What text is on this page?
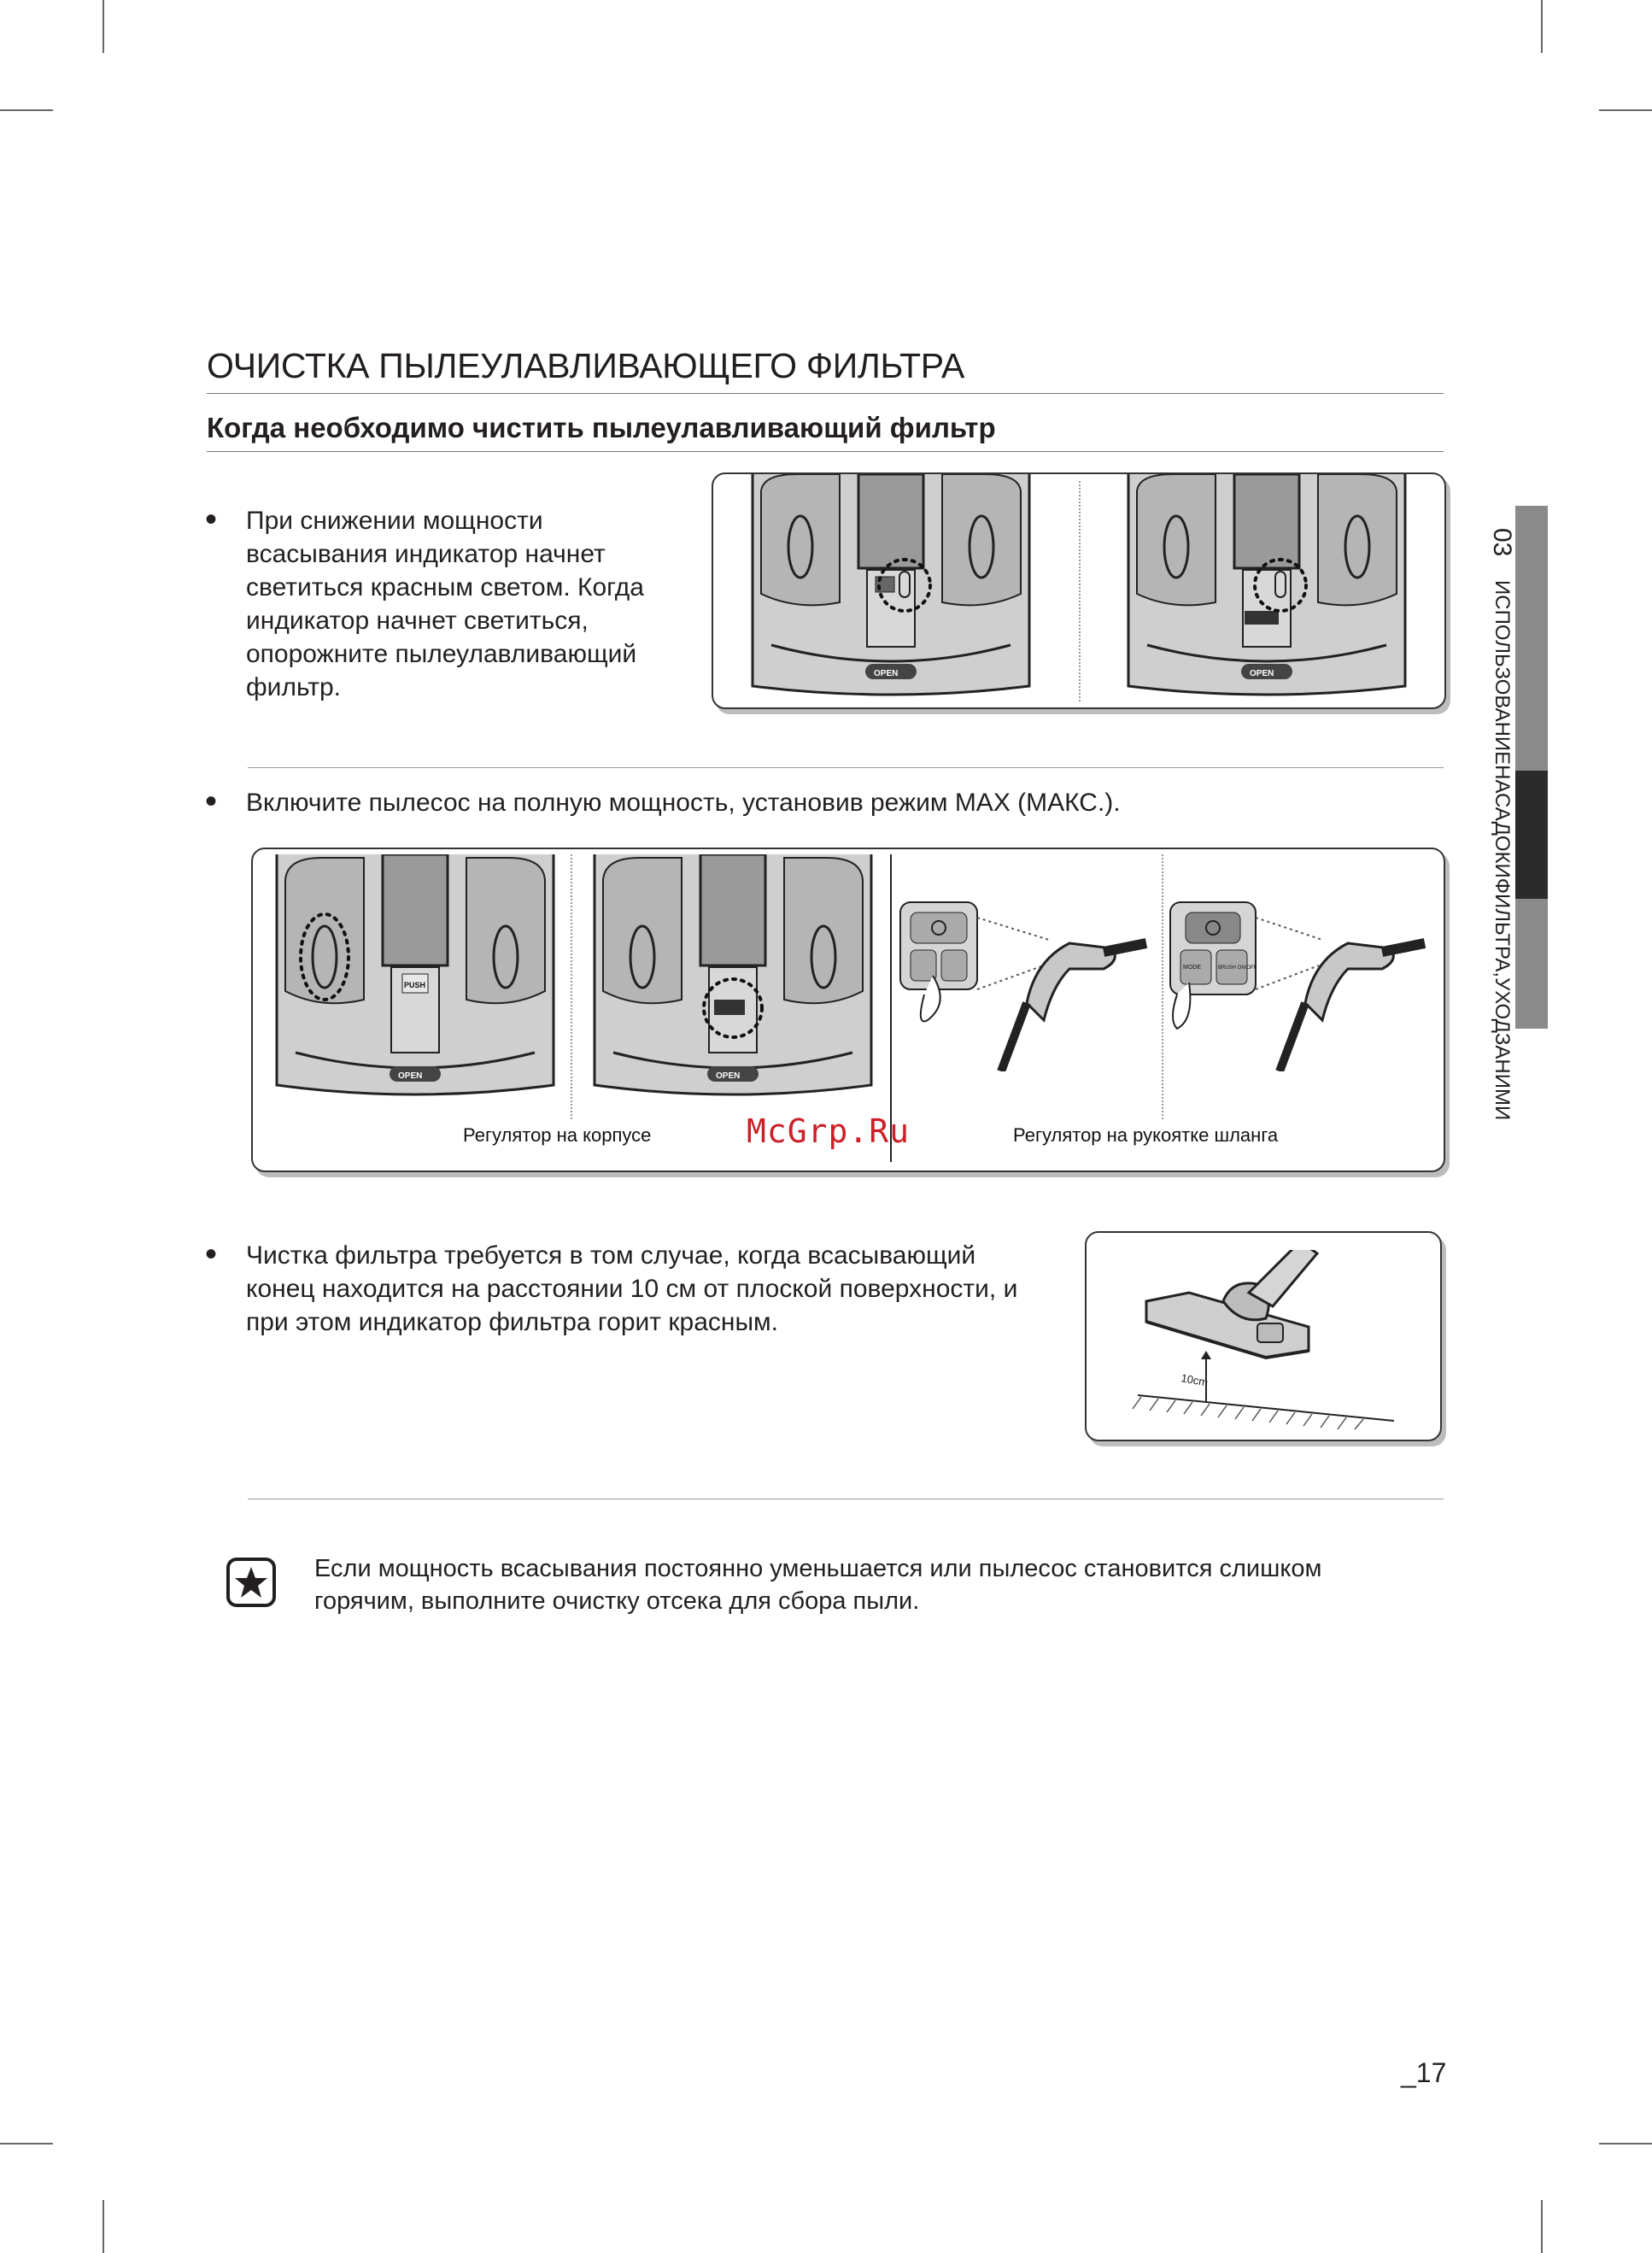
ОЧИСТКА ПЫЛЕУЛАВЛИВАЮЩЕГО ФИЛЬТРА
Когда необходимо чистить пылеулавливающий фильтр
03ИСПОЛЬЗОВАНИЕНАСАДОКИФИЛЬТРА,УХОДЗАНИМИ
• При снижении мощности
всасывания индикатор начнет
светиться красным светом. Когда
индикатор начнет светиться,
опорожните пылеулавливающий
фильтр.	OPEN	OPEN
• Включите пылесос на полную мощность, установив режим MAX (МАКС.).
PUSH
OPEN	OPEN
MODE	BRUSH ON/OFF
Регулятор на корпусе	Регулятор на рукоятке шланга
McGrp.Ru
• Чистка фильтра требуется в том случае, когда всасывающий
конец находится на расстоянии 10 см от плоской поверхности, и
при этом индикатор фильтра горит красным.
10cm
Если мощность всасывания постоянно уменьшается или пылесос становится слишком
горячим, выполните очистку отсека для сбора пыли.
_17
